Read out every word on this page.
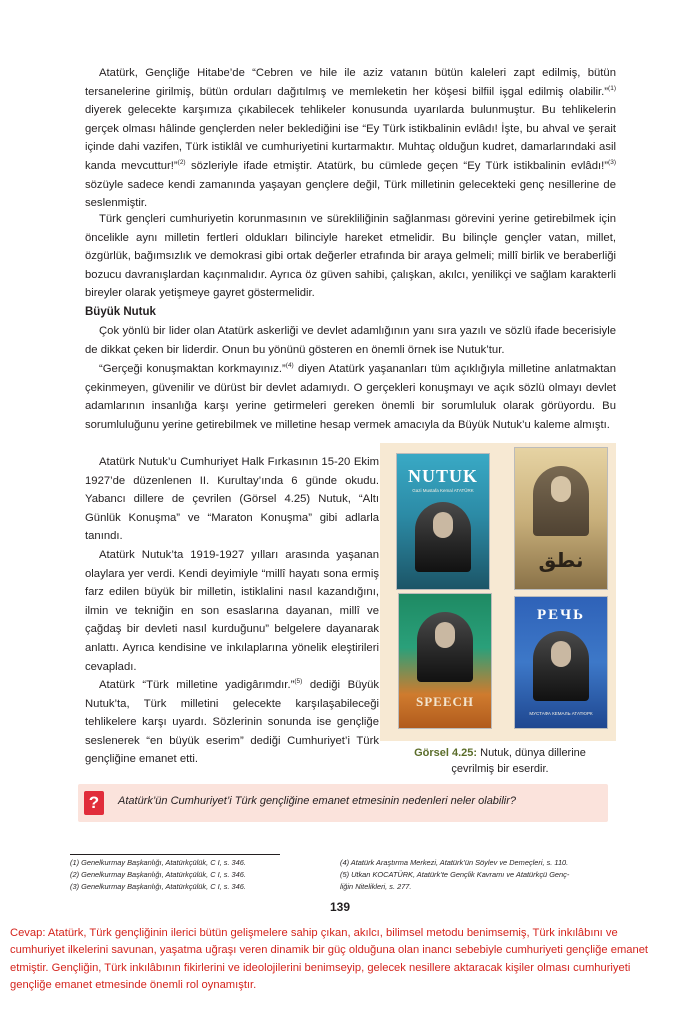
Atatürk, Gençliğe Hitabe’de “Cebren ve hile ile aziz vatanın bütün kaleleri zapt edilmiş, bütün tersanelerine girilmiş, bütün orduları dağıtılmış ve memleketin her köşesi bilfiil işgal edilmiş olabilir.”$^{(1)}$ diyerek gelecekte karşımıza çıkabilecek tehlikeler konusunda uyarılarda bulunmuştur. Bu tehlikelerin gerçek olması hâlinde gençlerden neler beklediğini ise “Ey Türk istikbalinin evlâdı! İşte, bu ahval ve şerait içinde dahi vazifen, Türk istiklâl ve cumhuriyetini kurtarmaktır. Muhtaç olduğun kudret, damarlarındaki asil kanda mevcuttur!”$^{(2)}$ sözleriyle ifade etmiştir. Atatürk, bu cümlede geçen “Ey Türk istikbalinin evlâdı!”$^{(3)}$ sözüyle sadece kendi zamanında yaşayan gençlere değil, Türk milletinin gelecekteki genç nesillerine de seslenmiştir.

Türk gençleri cumhuriyetin korunmasının ve sürekliliğinin sağlanması görevini yerine getirebilmek için öncelikle aynı milletin fertleri oldukları bilinciyle hareket etmelidir. Bu bilinçle gençler vatan, millet, özgürlük, bağımsızlık ve demokrasi gibi ortak değerler etrafında bir araya gelmeli; millî birlik ve beraberliği bozucu davranışlardan kaçınmalıdır. Ayrıca öz güven sahibi, çalışkan, akılcı, yenilikçi ve sağlam karakterli bireyler olarak yetişmeye gayret göstermelidir.

Büyük Nutuk

Çok yönlü bir lider olan Atatürk askerliği ve devlet adamlığının yanı sıra yazılı ve sözlü ifade becerisiyle de dikkat çeken bir liderdir. Onun bu yönünü gösteren en önemli örnek ise Nutuk’tur.

“Gerçeği konuşmaktan korkmayınız.”$^{(4)}$ diyen Atatürk yaşananları tüm açıklığıyla milletine anlatmaktan çekinmeyen, güvenilir ve dürüst bir devlet adamıydı. O gerçekleri konuşmayı ve açık sözlü olmayı devlet adamlarının insanlığa karşı yerine getirmeleri gereken önemli bir sorumluluk olarak görüyordu. Bu sorumluluğunu yerine getirebilmek ve milletine hesap vermek amacıyla da Büyük Nutuk’u kaleme almıştı.

Atatürk Nutuk’u Cumhuriyet Halk Fırkasının 15-20 Ekim 1927’de düzenlenen II. Kurultay’ında 6 günde okudu. Yabancı dillere de çevrilen (Görsel 4.25) Nutuk, “Altı Günlük Konuşma” ve “Maraton Konuşma” gibi adlarla tanındı.

Atatürk Nutuk’ta 1919-1927 yılları arasında yaşanan olaylara yer verdi. Kendi deyimiyle “millî hayatı sona ermiş farz edilen büyük bir milletin, istiklalini nasıl kazandığını, ilmin ve tekniğin en son esaslarına dayanan, millî ve çağdaş bir devleti nasıl kurduğunu” belgelere dayanarak anlattı. Ayrıca kendisine ve inkılaplarına yönelik eleştirileri cevapladı.

Atatürk “Türk milletine yadigârımdır.”$^{(5)}$ dediği Büyük Nutuk’ta, Türk milletini gelecekte karşılaşabileceği tehlikelere karşı uyardı. Sözlerinin sonunda ise gençliğe seslenerek “en büyük eserim” dediği Cumhuriyet’i Türk gençliğine emanet etti.

NUTUK
Gazi Mustafa Kemal ATATÜRK
نطق
SPEECH
РЕЧЬ
МУСТАФА КЕМАЛЬ АТАТЮРК

Görsel 4.25: Nutuk, dünya dillerine çevrilmiş bir eserdir.

?	Atatürk’ün Cumhuriyet’i Türk gençliğine emanet etmesinin nedenleri neler olabilir?

(1) Genelkurmay Başkanlığı, Atatürkçülük, C I, s. 346.

(2) Genelkurmay Başkanlığı, Atatürkçülük, C I, s. 346.

(3) Genelkurmay Başkanlığı, Atatürkçülük, C I, s. 346.

(4) Atatürk Araştırma Merkezi, Atatürk’ün Söylev ve Demeçleri, s. 110.

(5) Utkan KOCATÜRK, Atatürk’te Gençlik Kavramı ve Atatürkçü Genç-

liğin Nitelikleri, s. 277.

139

Cevap: Atatürk, Türk gençliğinin ilerici bütün gelişmelere sahip çıkan, akılcı, bilimsel metodu benimsemiş, Türk inkılâbını ve cumhuriyet ilkelerini savunan, yaşatma uğraşı veren dinamik bir güç olduğuna olan inancı sebebiyle cumhuriyeti gençliğe emanet etmiştir. Gençliğin, Türk inkılâbının fikirlerini ve ideolojilerini benimseyip, gelecek nesillere aktaracak kişiler olması cumhuriyeti gençliğe emanet etmesinde önemli rol oynamıştır.
